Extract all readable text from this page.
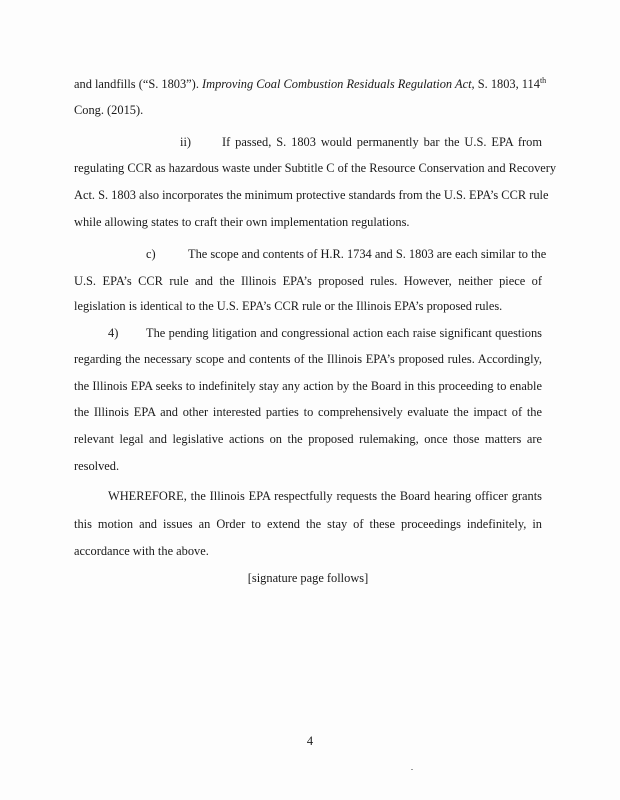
and landfills (“S. 1803”). Improving Coal Combustion Residuals Regulation Act, S. 1803, 114th
Cong. (2015).
ii) If passed, S. 1803 would permanently bar the U.S. EPA from
regulating CCR as hazardous waste under Subtitle C of the Resource Conservation and Recovery
Act. S. 1803 also incorporates the minimum protective standards from the U.S. EPA’s CCR rule
while allowing states to craft their own implementation regulations.
c)	The scope and contents of H.R. 1734 and S. 1803 are each similar to the
U.S. EPA’s CCR rule and the Illinois EPA’s proposed rules. However, neither piece of
legislation is identical to the U.S. EPA’s CCR rule or the Illinois EPA’s proposed rules.
4) The pending litigation and congressional action each raise significant questions
regarding the necessary scope and contents of the Illinois EPA’s proposed rules. Accordingly,
the Illinois EPA seeks to indefinitely stay any action by the Board in this proceeding to enable
the Illinois EPA and other interested parties to comprehensively evaluate the impact of the
relevant legal and legislative actions on the proposed rulemaking, once those matters are
resolved.
WHEREFORE, the Illinois EPA respectfully requests the Board hearing officer grants
this motion and issues an Order to extend the stay of these proceedings indefinitely, in
accordance with the above.
[signature page follows]
4
